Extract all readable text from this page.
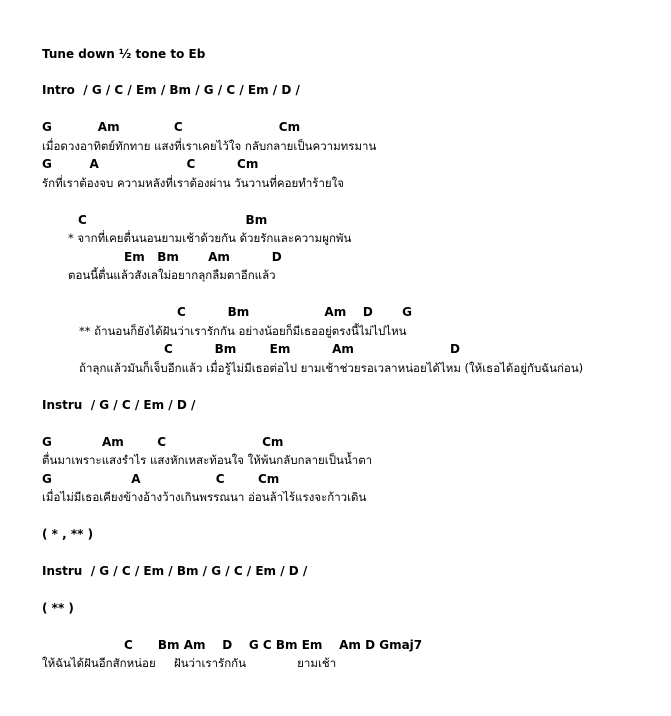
Tune down ½ tone to Eb
Intro  / G / C / Em / Bm / G / C / Em / D /
G           Am             C                       Cm
เมื่อดวงอาทิตย์ทักทาย แสงที่เราเคยไว้ใจ กลับกลายเป็นความทรมาน
G         A                     C          Cm
รักที่เราต้องจบ ความหลังที่เราต้องผ่าน วันวานที่คอยทำร้ายใจ
C                                      Bm
* จากที่เคยตื่นนอนยามเช้าด้วยกัน ด้วยรักและความผูกพัน
Em   Bm       Am          D
ตอนนี้ตื่นแล้วสังเลใม่อยากลุกลืมตาอีกแล้ว
C          Bm                  Am    D       G
** ถ้านอนก็ยังได้ฝันว่าเรารักกัน อย่างน้อยก็มีเธออยู่ตรงนี้ไม่ไปไหน
C          Bm        Em          Am                       D
ถ้าลุกแล้วมันก็เจ็บอีกแล้ว เมื่อรู้ไม่มีเธอต่อไป ยามเช้าช่วยรอเวลาหน่อยได้ไหม (ให้เธอได้อยู่กับฉันก่อน)
Instru  / G / C / Em / D /
G            Am        C                       Cm
ตื่นมาเพราะแสงรำไร แสงหักเหสะท้อนใจ ให้พ้นกลับกลายเป็นน้ำตา
G                   A                  C        Cm
เมื่อไม่มีเธอเคียงข้างอ้างว้างเกินพรรณนา อ่อนล้าไร้แรงจะก้าวเดิน
( * , ** )
Instru  / G / C / Em / Bm / G / C / Em / D /
( ** )
C      Bm Am    D    G C Bm Em    Am D Gmaj7
ให้ฉันได้ฝันอีกสักหน่อย     ฝันว่าเรารักกัน              ยามเช้า
